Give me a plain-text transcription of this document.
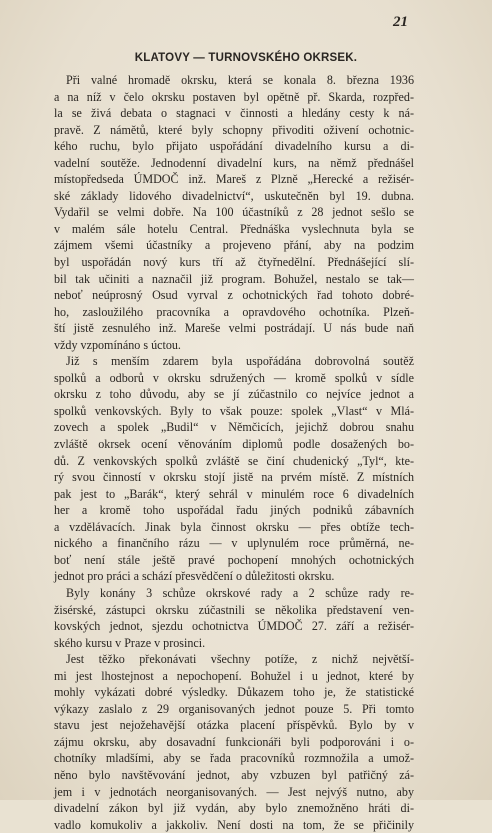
21
KLATOVY — TURNOVSKÉHO OKRSEK.
Při valné hromadě okrsku, která se konala 8. března 1936
a na níž v čelo okrsku postaven byl opětně př. Skarda, rozpřed-
la se živá debata o stagnaci v činnosti a hledány cesty k ná-
pravě. Z námětů, které byly schopny přivoditi oživení ochotnic-
kého ruchu, bylo přijato uspořádání divadelního kursu a di-
vadelní soutěže. Jednodenní divadelní kurs, na němž přednášel
místopředseda ÚMDOČ inž. Mareš z Plzně „Herecké a režisér-
ské základy lidového divadelnictví“, uskutečněn byl 19. dubna.
Vydařil se velmi dobře. Na 100 účastníků z 28 jednot sešlo se
v malém sále hotelu Central. Přednáška vyslechnuta byla se
zájmem všemi účastníky a projeveno přání, aby na podzim
byl uspořádán nový kurs tří až čtyřnedělní. Přednášející slí-
bil tak učiniti a naznačil již program. Bohužel, nestalo se tak—
neboť neúprosný Osud vyrval z ochotnických řad tohoto dobré-
ho, zasloužilého pracovníka a opravdového ochotníka. Plzeň-
ští jistě zesnulého inž. Mareše velmi postrádají. U nás bude naň
vždy vzpomínáno s úctou.
Již s menším zdarem byla uspořádána dobrovolná soutěž
spolků a odborů v okrsku sdružených — kromě spolků v sídle
okrsku z toho důvodu, aby se jí zúčastnilo co nejvíce jednot a
spolků venkovských. Byly to však pouze: spolek „Vlast“ v Mlá-
zovech a spolek „Budil“ v Němčicích, jejichž dobrou snahu
zvláště okrsek ocení věnováním diplomů podle dosažených bo-
dů. Z venkovských spolků zvláště se činí chudenický „Tyl“, kte-
rý svou činností v okrsku stojí jistě na prvém místě. Z místních
pak jest to „Barák“, který sehrál v minulém roce 6 divadelních
her a kromě toho uspořádal řadu jiných podniků zábavních
a vzdělávacích. Jinak byla činnost okrsku — přes obtíže tech-
nického a finančního rázu — v uplynulém roce průměrná, ne-
boť není stále ještě pravé pochopení mnohých ochotnických
jednot pro práci a schází přesvědčení o důležitosti okrsku.
Byly konány 3 schůze okrskové rady a 2 schůze rady re-
žisérské, zástupci okrsku zúčastnili se několika představení ven-
kovských jednot, sjezdu ochotnictva ÚMDOČ 27. září a režisér-
ského kursu v Praze v prosinci.
Jest těžko překonávati všechny potíže, z nichž největší-
mi jest lhostejnost a nepochopení. Bohužel i u jednot, které by
mohly vykázati dobré výsledky. Důkazem toho je, že statistické
výkazy zaslalo z 29 organisovaných jednot pouze 5. Při tomto
stavu jest nejožehavější otázka placení příspěvků. Bylo by v
zájmu okrsku, aby dosavadní funkcionáři byli podporováni i o-
chotníky mladšími, aby se řada pracovníků rozmnožila a umož-
něno bylo navštěvování jednot, aby vzbuzen byl patřičný zá-
jem i v jednotách neorganisovaných. — Jest nejvýš nutno, aby
divadelní zákon byl již vydán, aby bylo znemožněno hráti di-
vadlo komukoliv a jakkoliv. Není dosti na tom, že se přičinily
